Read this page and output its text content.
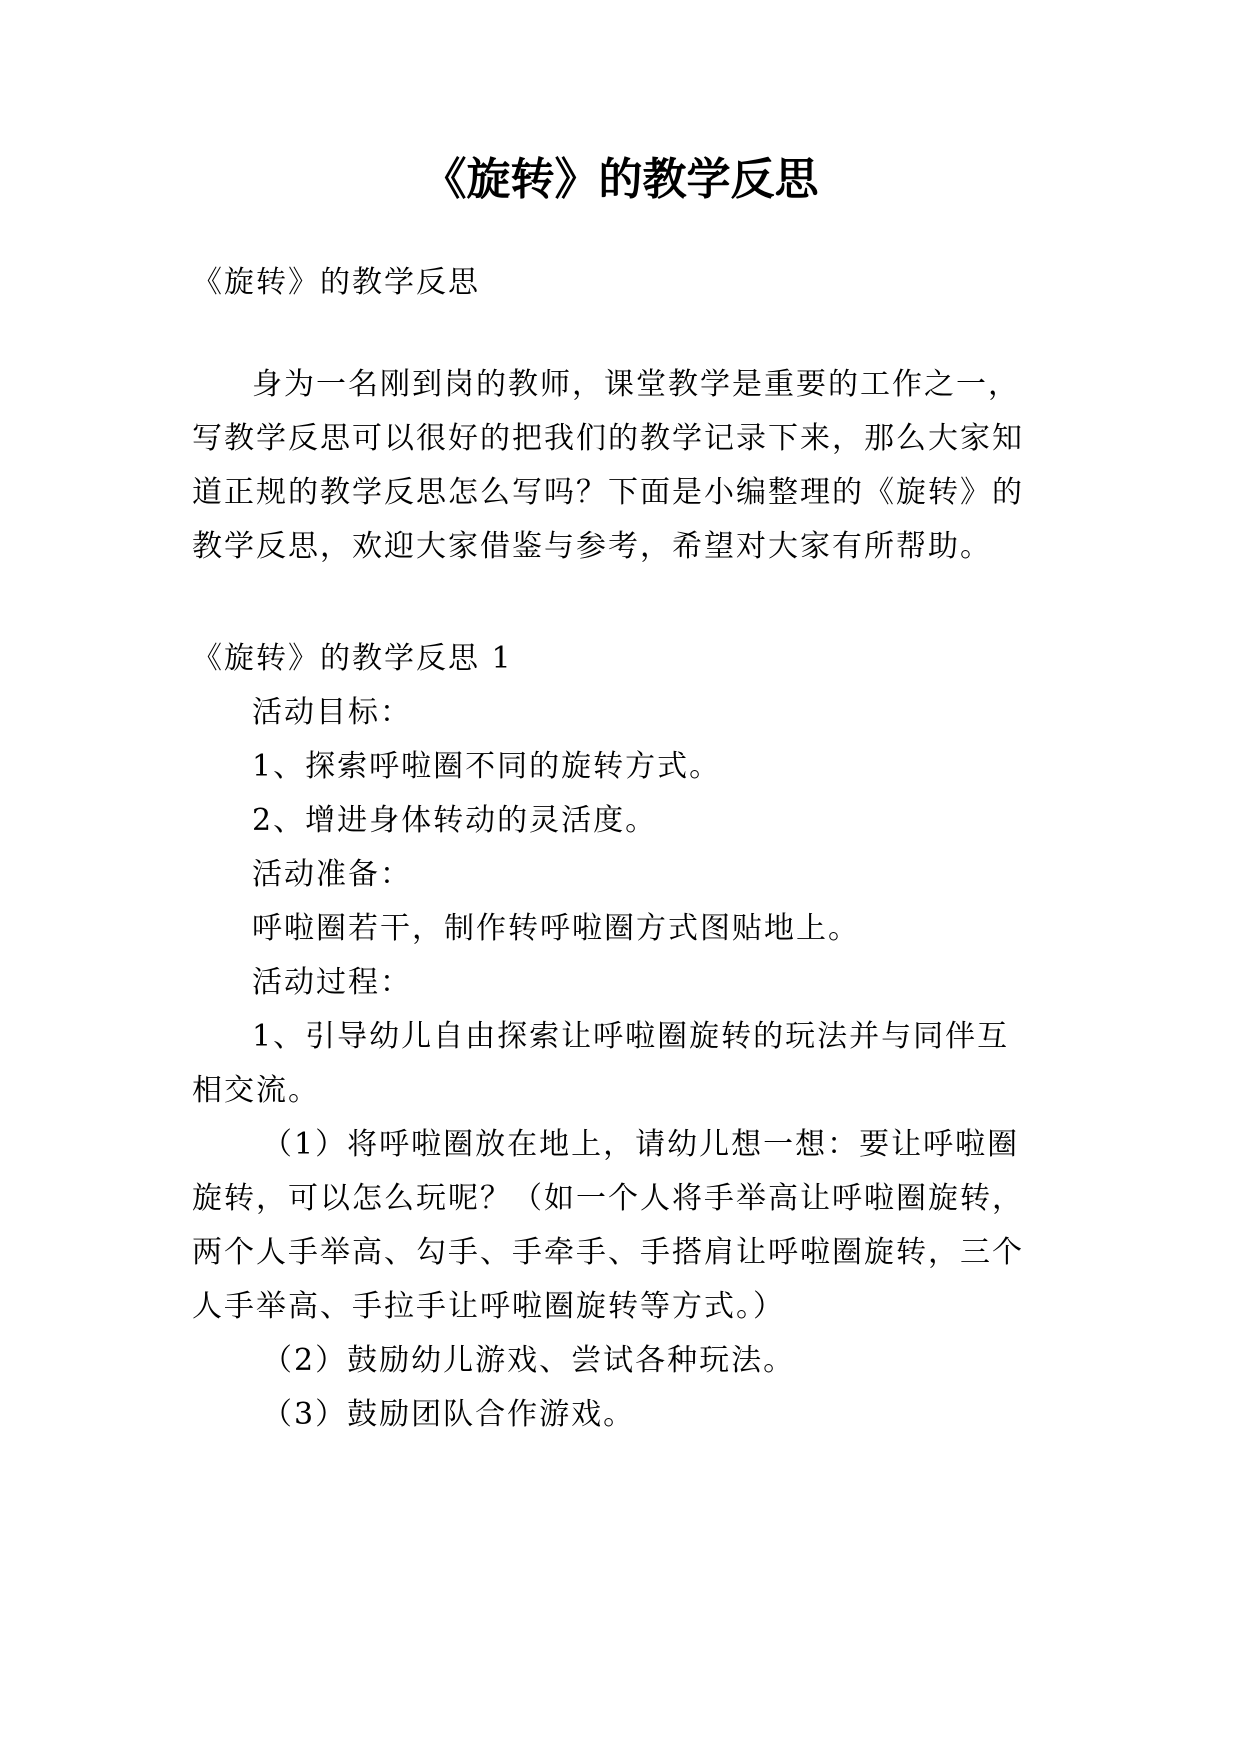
《旋转》的教学反思
《旋转》的教学反思
身为一名刚到岗的教师，课堂教学是重要的工作之一，
写教学反思可以很好的把我们的教学记录下来，那么大家知
道正规的教学反思怎么写吗？下面是小编整理的《旋转》的
教学反思，欢迎大家借鉴与参考，希望对大家有所帮助。
《旋转》的教学反思 1
活动目标：
1、探索呼啦圈不同的旋转方式。
2、增进身体转动的灵活度。
活动准备：
呼啦圈若干，制作转呼啦圈方式图贴地上。
活动过程：
1、引导幼儿自由探索让呼啦圈旋转的玩法并与同伴互
相交流。
（1）将呼啦圈放在地上，请幼儿想一想：要让呼啦圈
旋转，可以怎么玩呢？（如一个人将手举高让呼啦圈旋转，
两个人手举高、勾手、手牵手、手搭肩让呼啦圈旋转，三个
人手举高、手拉手让呼啦圈旋转等方式。）
（2）鼓励幼儿游戏、尝试各种玩法。
（3）鼓励团队合作游戏。
